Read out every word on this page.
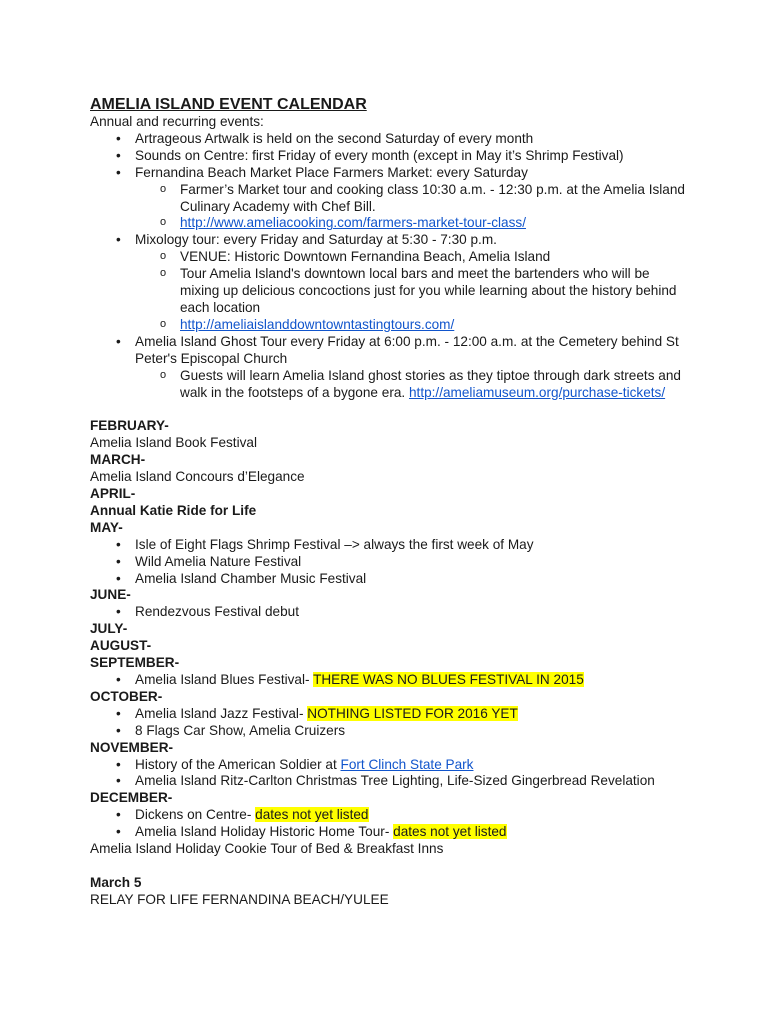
AMELIA ISLAND EVENT CALENDAR

Annual and recurring events:

• Artrageous Artwalk is held on the second Saturday of every month
• Sounds on Centre: first Friday of every month (except in May it’s Shrimp Festival)
• Fernandina Beach Market Place Farmers Market: every Saturday
o Farmer’s Market tour and cooking class 10:30 a.m. - 12:30 p.m. at the Amelia Island Culinary Academy with Chef Bill.
o http://www.ameliacooking.com/farmers-market-tour-class/
• Mixology tour: every Friday and Saturday at 5:30 - 7:30 p.m.
o VENUE: Historic Downtown Fernandina Beach, Amelia Island
o Tour Amelia Island's downtown local bars and meet the bartenders who will be mixing up delicious concoctions just for you while learning about the history behind each location
o http://ameliaislanddowntowntastingtours.com/
• Amelia Island Ghost Tour every Friday at 6:00 p.m. - 12:00 a.m. at the Cemetery behind St Peter's Episcopal Church
o Guests will learn Amelia Island ghost stories as they tiptoe through dark streets and walk in the footsteps of a bygone era. http://ameliamuseum.org/purchase-tickets/
FEBRUARY-
Amelia Island Book Festival
MARCH-
Amelia Island Concours d’Elegance
APRIL-
Annual Katie Ride for Life
MAY-
• Isle of Eight Flags Shrimp Festival –> always the first week of May
• Wild Amelia Nature Festival
• Amelia Island Chamber Music Festival
JUNE-
• Rendezvous Festival debut
JULY-
AUGUST-
SEPTEMBER-
• Amelia Island Blues Festival- THERE WAS NO BLUES FESTIVAL IN 2015
OCTOBER-
• Amelia Island Jazz Festival- NOTHING LISTED FOR 2016 YET
• 8 Flags Car Show, Amelia Cruizers
NOVEMBER-
• History of the American Soldier at Fort Clinch State Park
• Amelia Island Ritz-Carlton Christmas Tree Lighting, Life-Sized Gingerbread Revelation
DECEMBER-
• Dickens on Centre- dates not yet listed
• Amelia Island Holiday Historic Home Tour- dates not yet listed
Amelia Island Holiday Cookie Tour of Bed & Breakfast Inns
March 5
RELAY FOR LIFE FERNANDINA BEACH/YULEE
